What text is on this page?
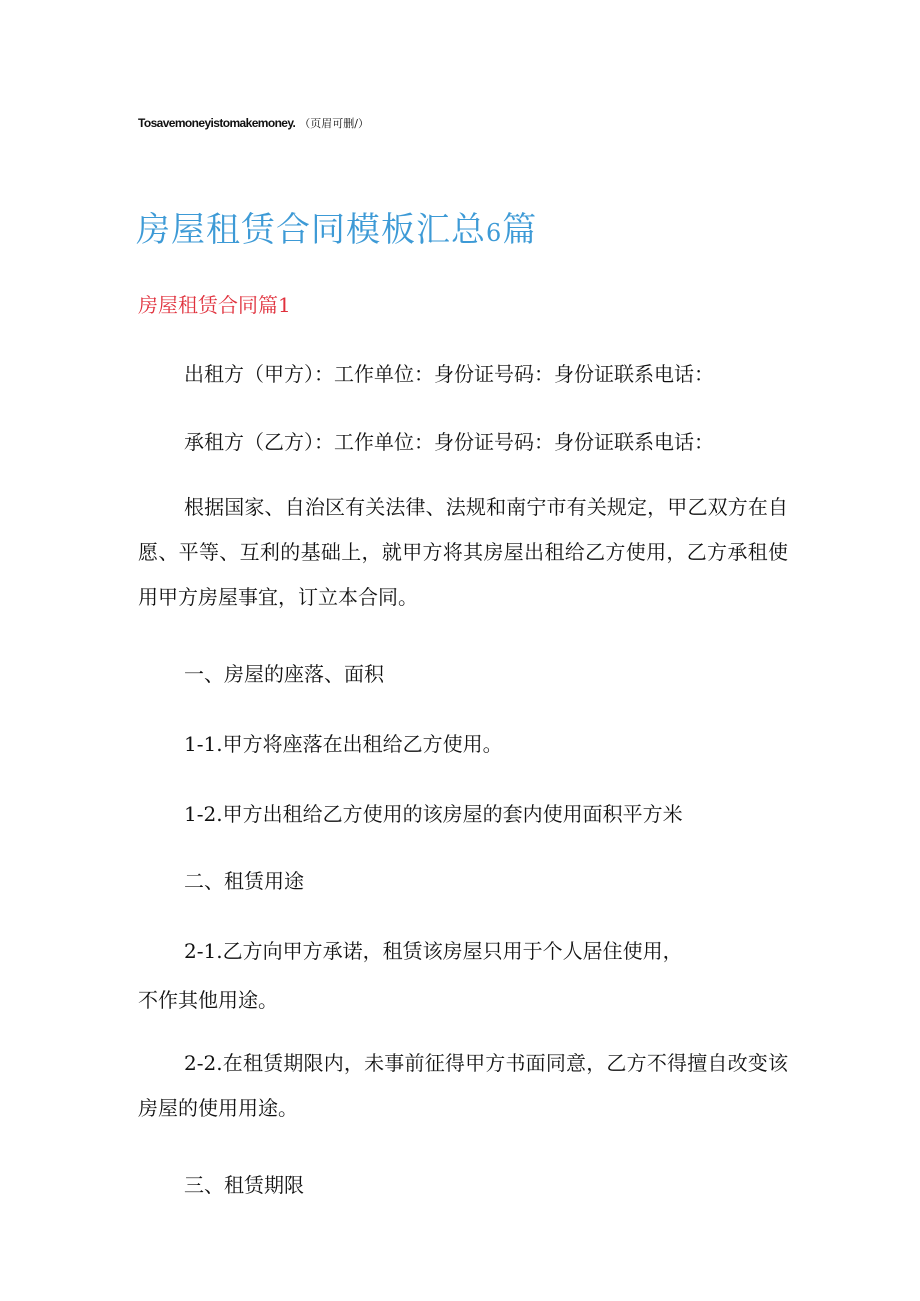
Tosavemoneyistomakemoney. （页眉可删/）
房屋租赁合同模板汇总6篇
房屋租赁合同篇1
出租方（甲方）：工作单位：身份证号码：身份证联系电话：
承租方（乙方）：工作单位：身份证号码：身份证联系电话：
根据国家、自治区有关法律、法规和南宁市有关规定，甲乙双方在自愿、平等、互利的基础上，就甲方将其房屋出租给乙方使用，乙方承租使用甲方房屋事宜，订立本合同。
一、房屋的座落、面积
1-1.甲方将座落在出租给乙方使用。
1-2.甲方出租给乙方使用的该房屋的套内使用面积平方米
二、租赁用途
2-1.乙方向甲方承诺，租赁该房屋只用于个人居住使用，
不作其他用途。
2-2.在租赁期限内，未事前征得甲方书面同意，乙方不得擅自改变该房屋的使用用途。
三、租赁期限
